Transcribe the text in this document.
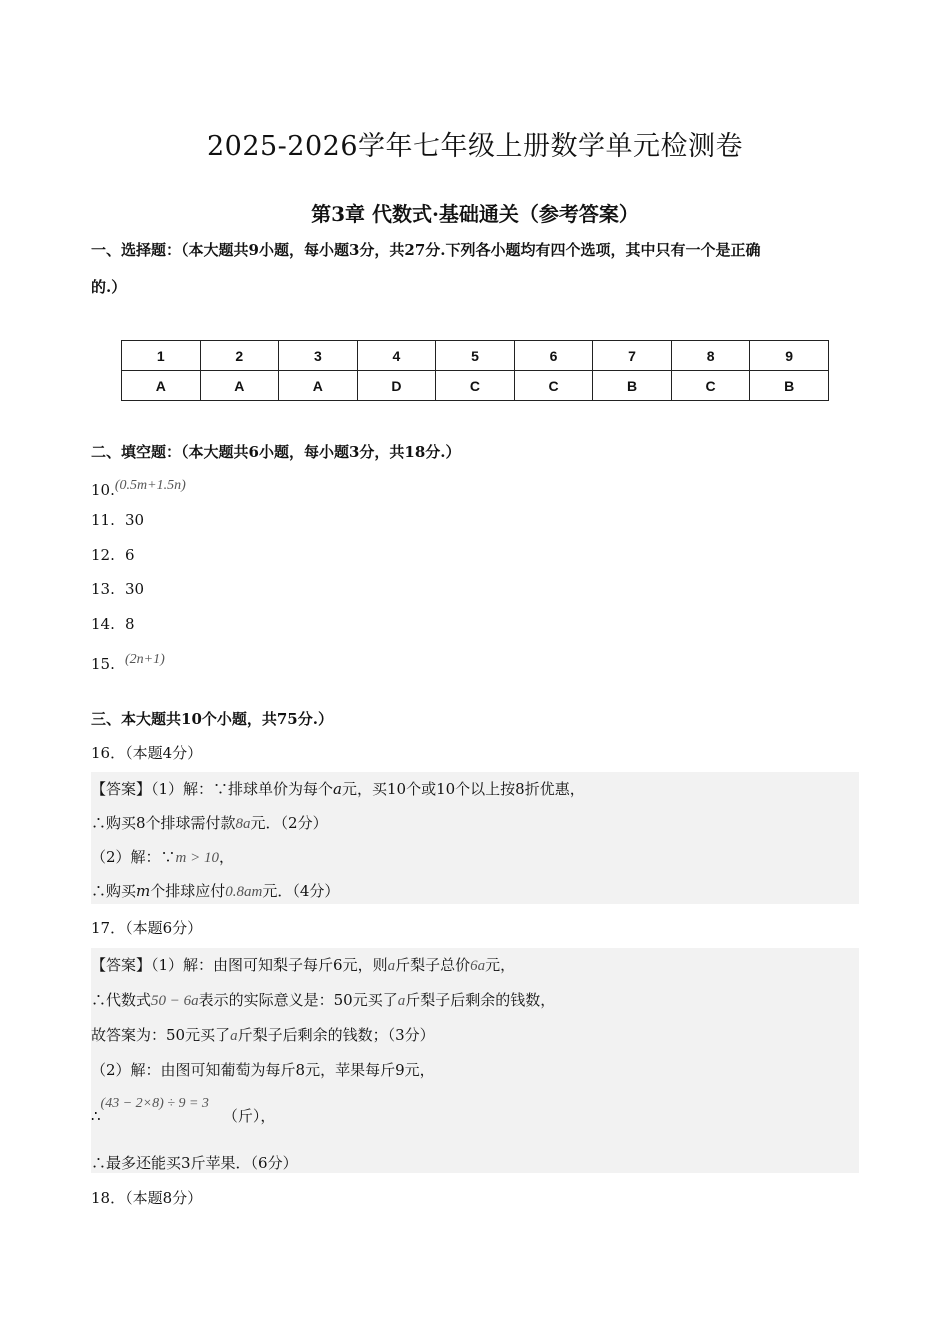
2025-2026学年七年级上册数学单元检测卷
第3章 代数式·基础通关（参考答案）
一、选择题：（本大题共9小题，每小题3分，共27分.下列各小题均有四个选项，其中只有一个是正确
的.）
1	2	3	4	5	6	7	8	9
A	A	A	D	C	C	B	C	B
二、填空题：（本大题共6小题，每小题3分，共18分.）
10.(0.5m+1.5n)
11. 30
12. 6
13. 30
14. 8
15. (2n+1)
三、本大题共10个小题，共75分.）
16．（本题4分）
【答案】（1）解：∵排球单价为每个a元，买10个或10个以上按8折优惠，
∴购买8个排球需付款8a元．（2分）
（2）解：∵m > 10，
∴购买m个排球应付0.8am元．（4分）
17．（本题6分）
【答案】（1）解：由图可知梨子每斤6元，则a斤梨子总价6a元，
∴代数式50 − 6a表示的实际意义是：50元买了a斤梨子后剩余的钱数，
故答案为：50元买了a斤梨子后剩余的钱数；（3分）
（2）解：由图可知葡萄为每斤8元，苹果每斤9元，
∴(43 − 2×8) ÷ 9 = 3（斤），
∴最多还能买3斤苹果．（6分）
18．（本题8分）
